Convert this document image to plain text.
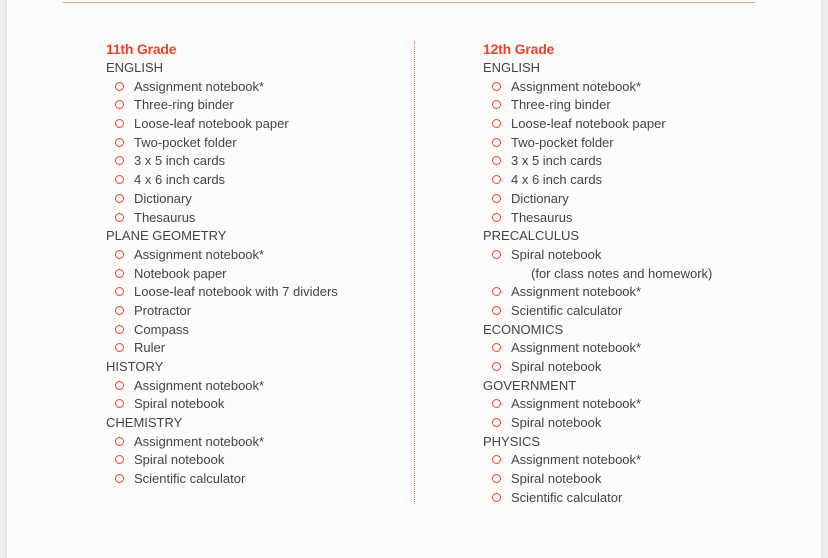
11th Grade
ENGLISH
Assignment notebook*
Three-ring binder
Loose-leaf notebook paper
Two-pocket folder
3 x 5 inch cards
4 x 6 inch cards
Dictionary
Thesaurus
PLANE GEOMETRY
Assignment notebook*
Notebook paper
Loose-leaf notebook with 7 dividers
Protractor
Compass
Ruler
HISTORY
Assignment notebook*
Spiral notebook
CHEMISTRY
Assignment notebook*
Spiral notebook
Scientific calculator
12th Grade
ENGLISH
Assignment notebook*
Three-ring binder
Loose-leaf notebook paper
Two-pocket folder
3 x 5 inch cards
4 x 6 inch cards
Dictionary
Thesaurus
PRECALCULUS
Spiral notebook
(for class notes and homework)
Assignment notebook*
Scientific calculator
ECONOMICS
Assignment notebook*
Spiral notebook
GOVERNMENT
Assignment notebook*
Spiral notebook
PHYSICS
Assignment notebook*
Spiral notebook
Scientific calculator
